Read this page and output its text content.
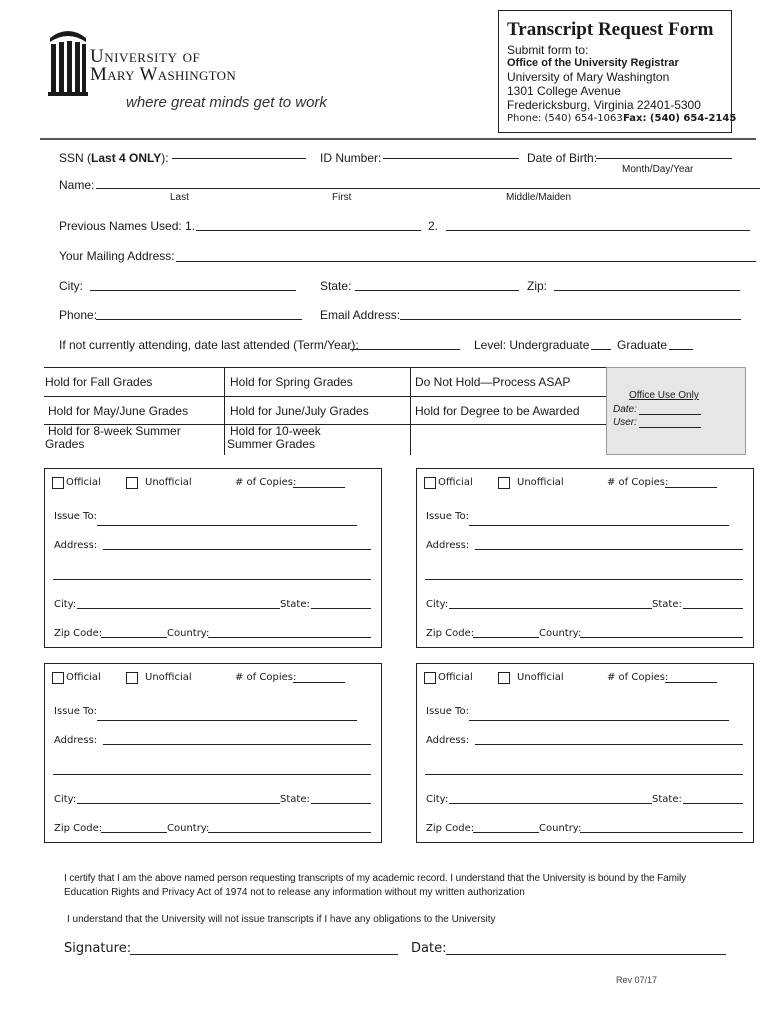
University of
Mary Washington
where great minds get to work
Transcript Request Form
Submit form to:
Office of the University Registrar
University of Mary Washington
1301 College Avenue
Fredericksburg, Virginia 22401-5300
Phone: (540) 654-1063 Fax: (540) 654-2145
SSN (Last 4 ONLY):	ID Number:	Date of Birth:
Month/Day/Year
Name:
Last	First	Middle/Maiden
Previous Names Used: 1.	2.
Your Mailing Address:
City:	State:	Zip:
Phone:	Email Address:
If not currently attending, date last attended (Term/Year):	Level: Undergraduate Graduate
Hold for Fall Grades	Hold for Spring Grades	Do Not Hold—Process ASAP
Hold for May/June Grades	Hold for June/July Grades	Hold for Degree to be Awarded
Hold for 8-week Summer Grades
Hold for 10-week Summer Grades
Office Use Only
Date:
User:
Official	Unofficial	# of Copies:
Issue To:
Address:
City:	State:
Zip Code:	Country:
Official	Unofficial	# of Copies:
Issue To:
Address:
City:	State:
Zip Code:	Country:
Official	Unofficial	# of Copies:
Issue To:
Address:
City:	State:
Zip Code:	Country:
Official	Unofficial	# of Copies:
Issue To:
Address:
City:	State:
Zip Code:	Country:
I certify that I am the above named person requesting transcripts of my academic record. I understand that the University is bound by the Family
Education Rights and Privacy Act of 1974 not to release any information without my written authorization
I understand that the University will not issue transcripts if I have any obligations to the University
Signature:	Date:
Rev 07/17
